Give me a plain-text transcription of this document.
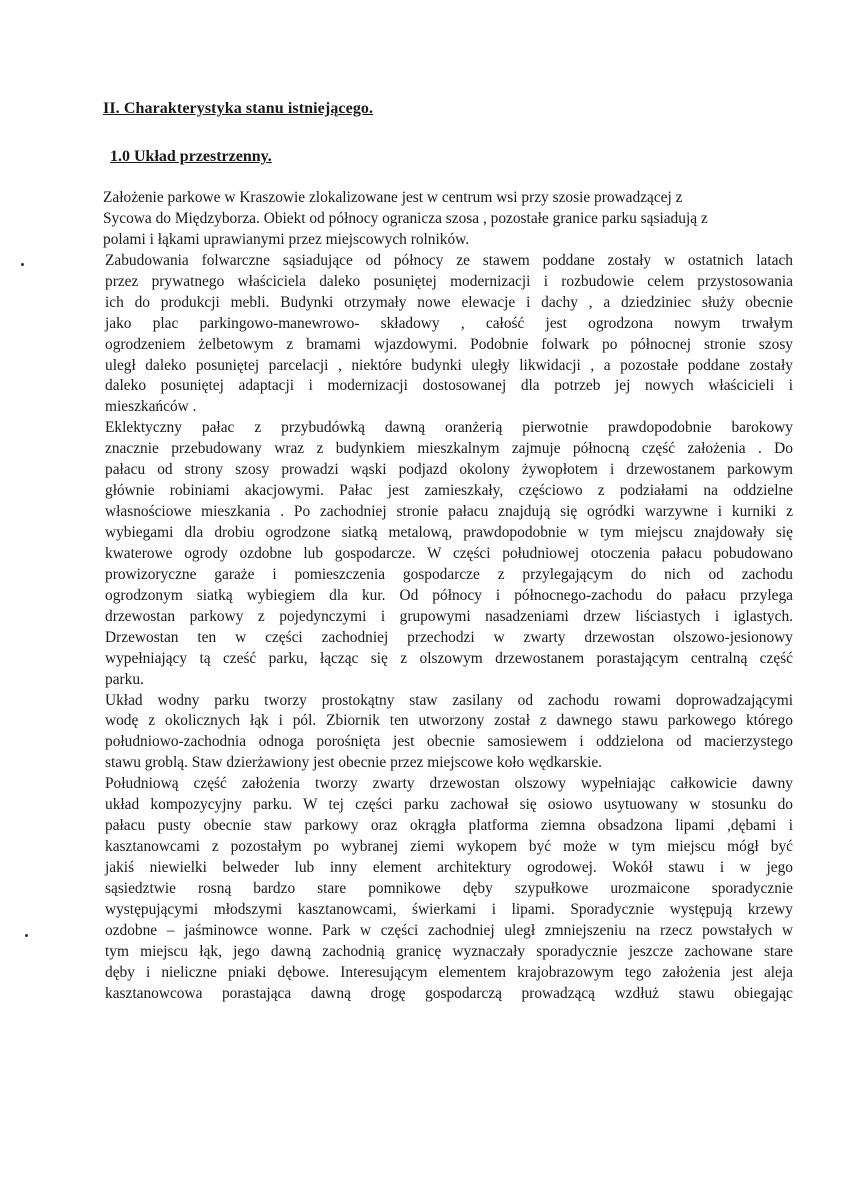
II. Charakterystyka stanu istniejącego.
1.0 Układ przestrzenny.

Założenie parkowe w Kraszowie zlokalizowane jest w centrum wsi przy szosie prowadzącej z
Sycowa do Międzyborza. Obiekt od północy ogranicza szosa , pozostałe granice parku sąsiadują z
polami i łąkami uprawianymi przez miejscowych rolników.

Zabudowania folwarczne sąsiadujące od północy ze stawem poddane zostały w ostatnich latach
przez prywatnego właściciela daleko posuniętej modernizacji i rozbudowie celem przystosowania
ich do produkcji mebli. Budynki otrzymały nowe elewacje i dachy , a dziedziniec służy obecnie
jako plac parkingowo-manewrowo- składowy , całość jest ogrodzona nowym trwałym
ogrodzeniem żelbetowym z bramami wjazdowymi. Podobnie folwark po północnej stronie szosy
uległ daleko posuniętej parcelacji , niektóre budynki uległy likwidacji , a pozostałe poddane zostały
daleko posuniętej adaptacji i modernizacji dostosowanej dla potrzeb jej nowych właścicieli i
mieszkańców .

Eklektyczny pałac z przybudówką dawną oranżerią pierwotnie prawdopodobnie barokowy
znacznie przebudowany wraz z budynkiem mieszkalnym zajmuje północną część założenia . Do
pałacu od strony szosy prowadzi wąski podjazd okolony żywopłotem i drzewostanem parkowym
głównie robiniami akacjowymi. Pałac jest zamieszkały, częściowo z podziałami na oddzielne
własnościowe mieszkania . Po zachodniej stronie pałacu znajdują się ogródki warzywne i kurniki z
wybiegami dla drobiu ogrodzone siatką metalową, prawdopodobnie w tym miejscu znajdowały się
kwaterowe ogrody ozdobne lub gospodarcze. W części południowej otoczenia pałacu pobudowano
prowizoryczne garaże i pomieszczenia gospodarcze z przylegającym do nich od zachodu
ogrodzonym siatką wybiegiem dla kur. Od północy i północnego-zachodu do pałacu przylega
drzewostan parkowy z pojedynczymi i grupowymi nasadzeniami drzew liściastych i iglastych.
Drzewostan ten w części zachodniej przechodzi w zwarty drzewostan olszowo-jesionowy
wypełniający tą cześć parku, łącząc się z olszowym drzewostanem porastającym centralną część
parku.

Układ wodny parku tworzy prostokątny staw zasilany od zachodu rowami doprowadzającymi
wodę z okolicznych łąk i pól. Zbiornik ten utworzony został z dawnego stawu parkowego którego
południowo-zachodnia odnoga porośnięta jest obecnie samosiewem i oddzielona od macierzystego
stawu groblą. Staw dzierżawiony jest obecnie przez miejscowe koło wędkarskie.

Południową część założenia tworzy zwarty drzewostan olszowy wypełniając całkowicie dawny
układ kompozycyjny parku. W tej części parku zachował się osiowo usytuowany w stosunku do
pałacu pusty obecnie staw parkowy oraz okrągła platforma ziemna obsadzona lipami ,dębami i
kasztanowcami z pozostałym po wybranej ziemi wykopem być może w tym miejscu mógł być
jakiś niewielki belweder lub inny element architektury ogrodowej. Wokół stawu i w jego
sąsiedztwie rosną bardzo stare pomnikowe dęby szypułkowe urozmaicone sporadycznie
występującymi młodszymi kasztanowcami, świerkami i lipami. Sporadycznie występują krzewy
ozdobne – jaśminowce wonne. Park w części zachodniej uległ zmniejszeniu na rzecz powstałych w
tym miejscu łąk, jego dawną zachodnią granicę wyznaczały sporadycznie jeszcze zachowane stare
dęby i nieliczne pniaki dębowe. Interesującym elementem krajobrazowym tego założenia jest aleja
kasztanowcowa porastająca dawną drogę gospodarczą prowadzącą wzdłuż stawu obiegając
